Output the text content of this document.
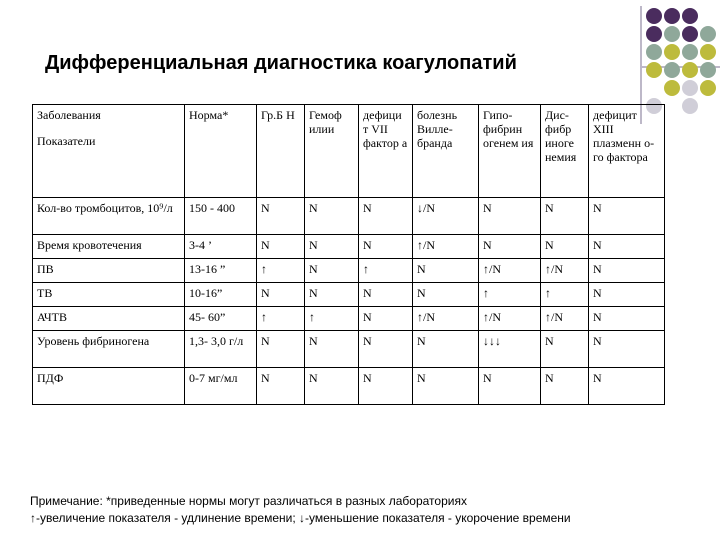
Дифференциальная диагностика коагулопатий
Заболевания
Показатели	Норма*	Гр.Б Н	Гемоф илии	дефици т VII фактор а	болезнь Вилле- бранда	Гипо- фибрин огенем ия	Дис- фибр иноге немия	дефицит XIII плазменн о-го фактора
Кол-во тромбоцитов, 10⁹/л	150 - 400	N	N	N	↓/N	N	N	N
Время кровотечения	3-4 ’	N	N	N	↑/N	N	N	N
ПВ	13-16 ”	↑	N	↑	N	↑/N	↑/N	N
ТВ	10-16”	N	N	N	N	↑	↑	N
АЧТВ	45- 60”	↑	↑	N	↑/N	↑/N	↑/N	N
Уровень фибриногена	1,3- 3,0 г/л	N	N	N	N	↓↓↓	N	N
ПДФ	0-7 мг/мл	N	N	N	N	N	N	N
Примечание: *приведенные нормы могут различаться в разных лабораториях
↑-увеличение показателя - удлинение времени; ↓-уменьшение показателя - укорочение времени
